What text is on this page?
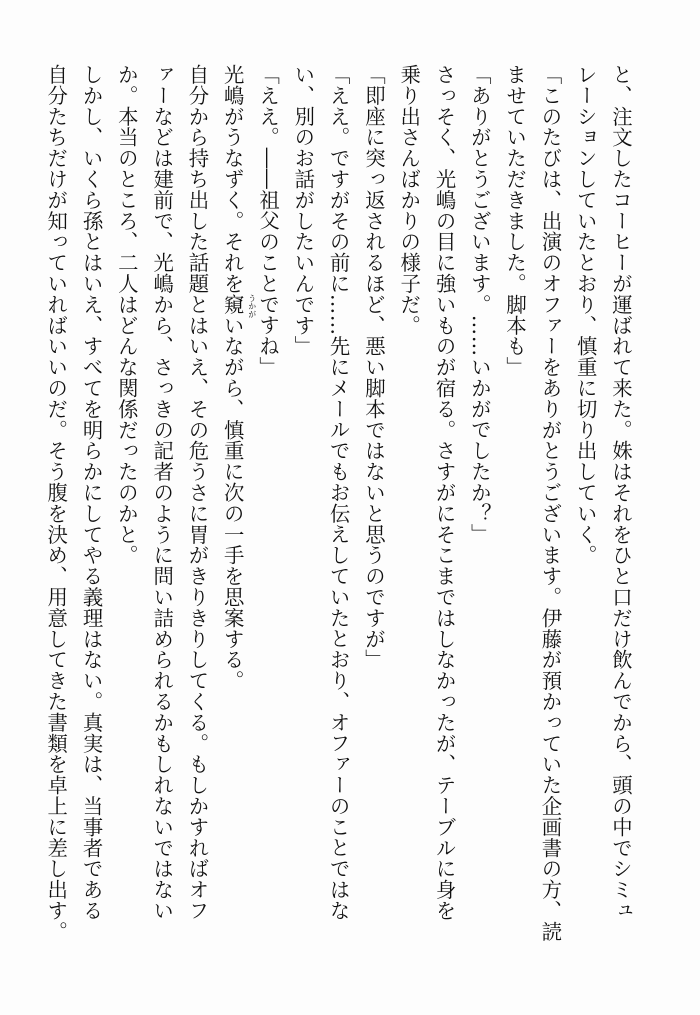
と、注文したコーヒーが運ばれて来た。姝はそれをひと口だけ飲んでから、頭の中でシミュ
レーションしていたとおり、慎重に切り出していく。
「このたびは、出演のオファーをありがとうございます。伊藤が預かっていた企画書の方、読
ませていただきました。脚本も」
「ありがとうございます。……いかがでしたか？」
さっそく、光嶋の目に強いものが宿る。さすがにそこまではしなかったが、テーブルに身を
乗り出さんばかりの様子だ。
「即座に突っ返されるほど、悪い脚本ではないと思うのですが」
「ええ。ですがその前に……先にメールでもお伝えしていたとおり、オファーのことではな
い、別のお話がしたいんです」
「ええ。――祖父のことですね」
光嶋がうなずく。それを窺 うかが
いながら、慎重に次の一手を思案する。
自分から持ち出した話題とはいえ、その危うさに胃がきりきりしてくる。もしかすればオフ
ァーなどは建前で、光嶋から、さっきの記者のように問い詰められるかもしれないではない
か。本当のところ、二人はどんな関係だったのかと。
しかし、いくら孫とはいえ、すべてを明らかにしてやる義理はない。真実は、当事者である
自分たちだけが知っていればいいのだ。そう腹を決め、用意してきた書類を卓上に差し出す。
